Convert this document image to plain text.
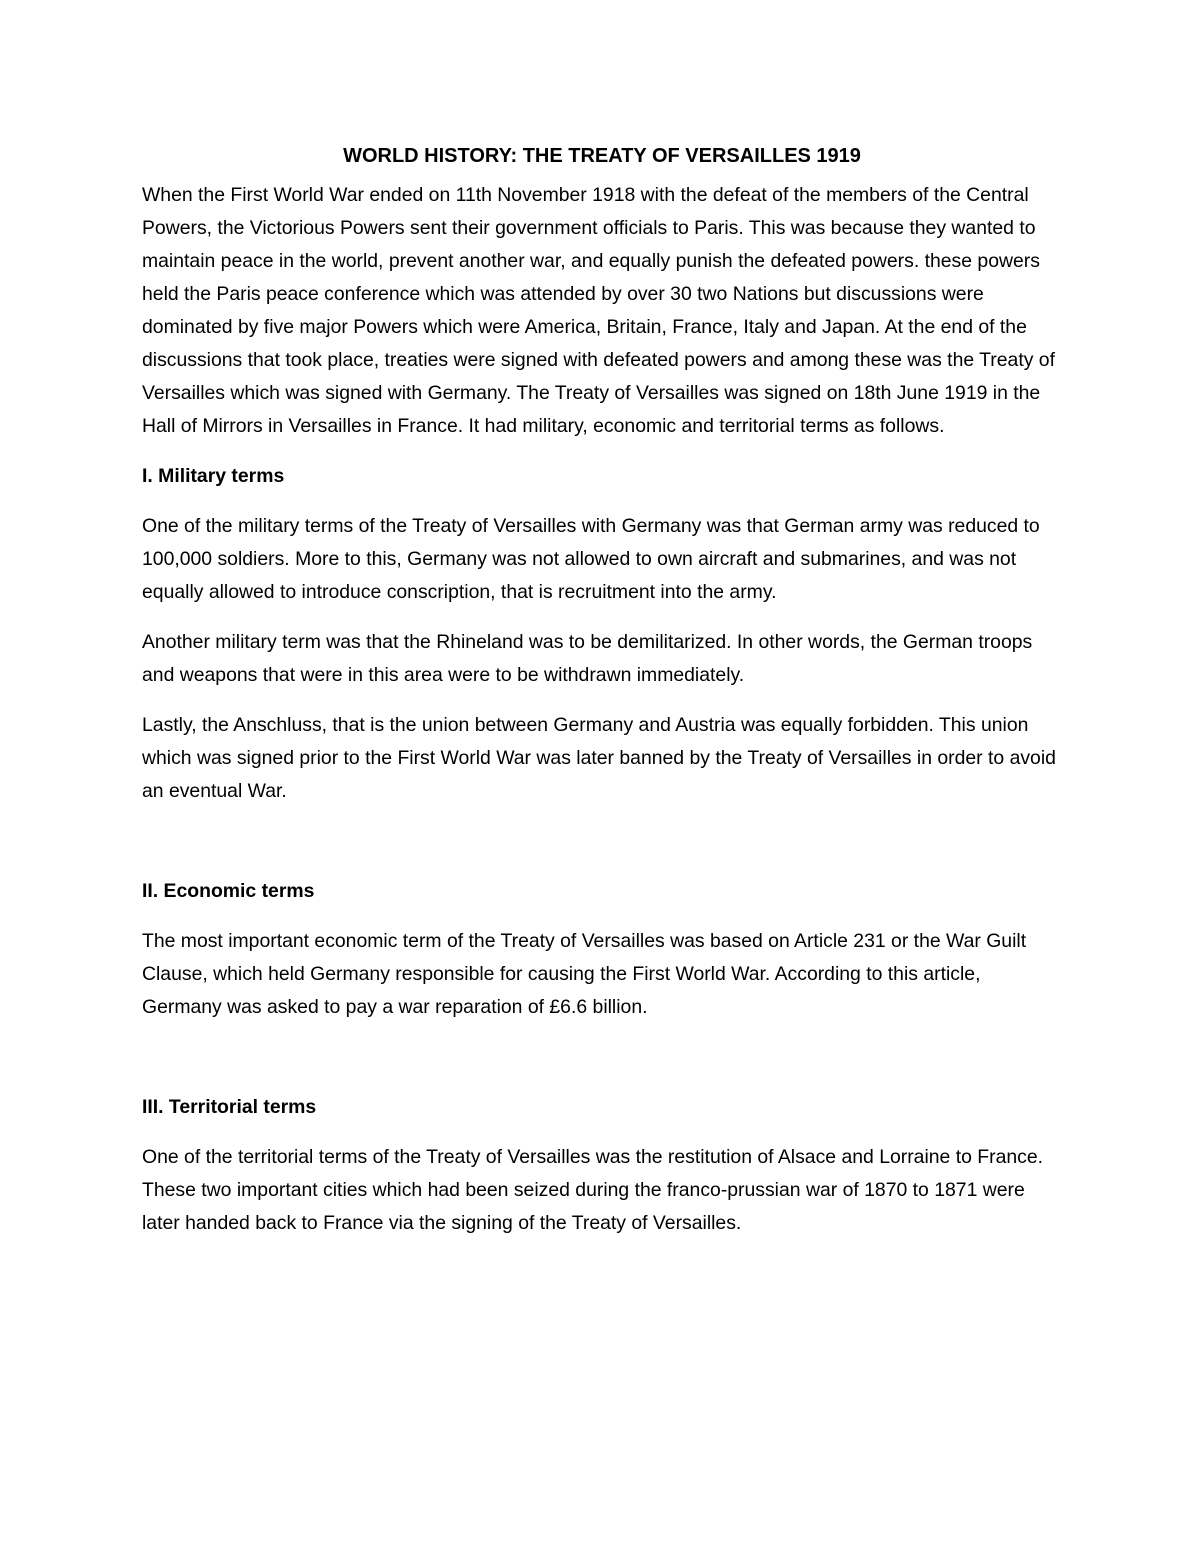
WORLD HISTORY: THE TREATY OF VERSAILLES 1919

When the First World War ended on 11th November 1918 with the defeat of the members of the Central Powers, the Victorious Powers sent their government officials to Paris. This was because they wanted to maintain peace in the world, prevent another war, and equally punish the defeated powers. these powers held the Paris peace conference which was attended by over 30 two Nations but discussions were dominated by five major Powers which were America, Britain, France, Italy and Japan. At the end of the discussions that took place, treaties were signed with defeated powers and among these was the Treaty of Versailles which was signed with Germany. The Treaty of Versailles was signed on 18th June 1919 in the Hall of Mirrors in Versailles in France. It had military, economic and territorial terms as follows.

I. Military terms

One of the military terms of the Treaty of Versailles with Germany was that German army was reduced to 100,000 soldiers. More to this, Germany was not allowed to own aircraft and submarines, and was not equally allowed to introduce conscription, that is recruitment into the army.

Another military term was that the Rhineland was to be demilitarized. In other words, the German troops and weapons that were in this area were to be withdrawn immediately.

Lastly, the Anschluss, that is the union between Germany and Austria was equally forbidden. This union which was signed prior to the First World War was later banned by the Treaty of Versailles in order to avoid an eventual War.

II. Economic terms

The most important economic term of the Treaty of Versailles was based on Article 231 or the War Guilt Clause, which held Germany responsible for causing the First World War. According to this article, Germany was asked to pay a war reparation of £6.6 billion.

III. Territorial terms

One of the territorial terms of the Treaty of Versailles was the restitution of Alsace and Lorraine to France. These two important cities which had been seized during the franco-prussian war of 1870 to 1871 were later handed back to France via the signing of the Treaty of Versailles.
